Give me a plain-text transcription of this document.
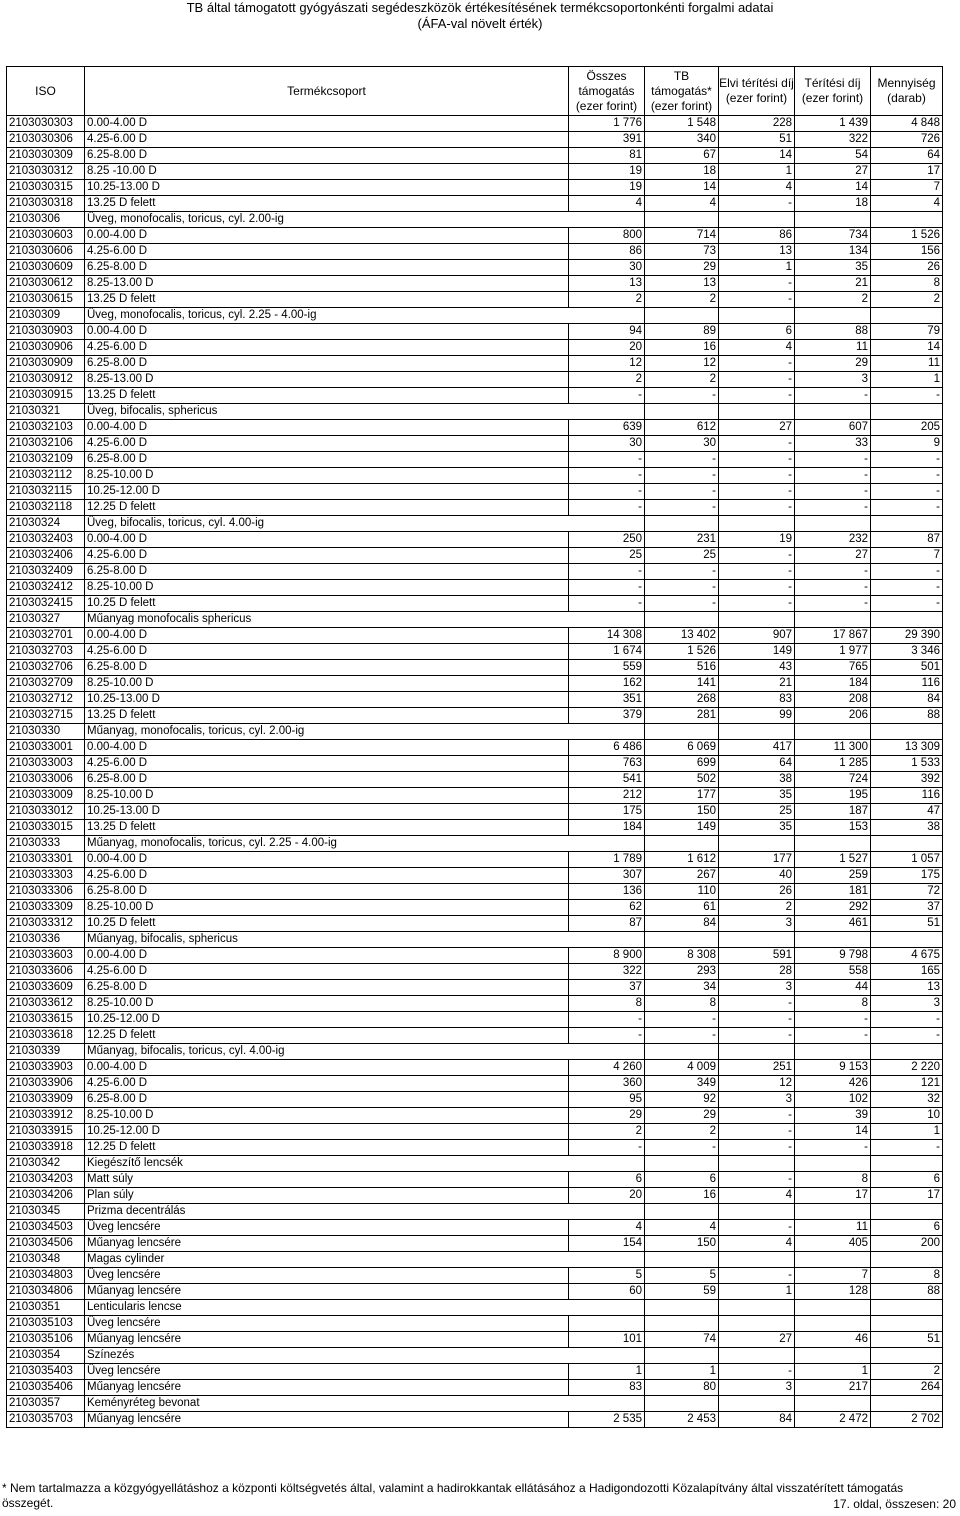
TB által támogatott gyógyászati segédeszközök értékesítésének termékcsoportonkénti forgalmi adatai
(ÁFA-val növelt érték)
ISO	Termékcsoport	Összes támogatás (ezer forint)	TB támogatás* (ezer forint)	Elvi térítési díj (ezer forint)	Térítési díj (ezer forint)	Mennyiség (darab)
2103030303	0.00-4.00 D	1 776	1 548	228	1 439	4 848
2103030306	4.25-6.00 D	391	340	51	322	726
2103030309	6.25-8.00 D	81	67	14	54	64
2103030312	8.25 -10.00 D	19	18	1	27	17
2103030315	10.25-13.00 D	19	14	4	14	7
2103030318	13.25 D felett	4	4	-	18	4
21030306	Üveg, monofocalis, toricus, cyl. 2.00-ig					
2103030603	0.00-4.00 D	800	714	86	734	1 526
2103030606	4.25-6.00 D	86	73	13	134	156
2103030609	6.25-8.00 D	30	29	1	35	26
2103030612	8.25-13.00 D	13	13	-	21	8
2103030615	13.25 D felett	2	2	-	2	2
21030309	Üveg, monofocalis, toricus, cyl. 2.25 - 4.00-ig					
2103030903	0.00-4.00 D	94	89	6	88	79
2103030906	4.25-6.00 D	20	16	4	11	14
2103030909	6.25-8.00 D	12	12	-	29	11
2103030912	8.25-13.00 D	2	2	-	3	1
2103030915	13.25 D felett	-	-	-	-	-
21030321	Üveg, bifocalis, sphericus					
2103032103	0.00-4.00 D	639	612	27	607	205
2103032106	4.25-6.00 D	30	30	-	33	9
2103032109	6.25-8.00 D	-	-	-	-	-
2103032112	8.25-10.00 D	-	-	-	-	-
2103032115	10.25-12.00 D	-	-	-	-	-
2103032118	12.25 D felett	-	-	-	-	-
21030324	Üveg, bifocalis, toricus, cyl. 4.00-ig					
2103032403	0.00-4.00 D	250	231	19	232	87
2103032406	4.25-6.00 D	25	25	-	27	7
2103032409	6.25-8.00 D	-	-	-	-	-
2103032412	8.25-10.00 D	-	-	-	-	-
2103032415	10.25 D felett	-	-	-	-	-
21030327	Műanyag monofocalis sphericus					
2103032701	0.00-4.00 D	14 308	13 402	907	17 867	29 390
2103032703	4.25-6.00 D	1 674	1 526	149	1 977	3 346
2103032706	6.25-8.00 D	559	516	43	765	501
2103032709	8.25-10.00 D	162	141	21	184	116
2103032712	10.25-13.00 D	351	268	83	208	84
2103032715	13.25 D felett	379	281	99	206	88
21030330	Műanyag, monofocalis, toricus, cyl. 2.00-ig					
2103033001	0.00-4.00 D	6 486	6 069	417	11 300	13 309
2103033003	4.25-6.00 D	763	699	64	1 285	1 533
2103033006	6.25-8.00 D	541	502	38	724	392
2103033009	8.25-10.00 D	212	177	35	195	116
2103033012	10.25-13.00 D	175	150	25	187	47
2103033015	13.25 D felett	184	149	35	153	38
21030333	Műanyag, monofocalis, toricus, cyl. 2.25 - 4.00-ig					
2103033301	0.00-4.00 D	1 789	1 612	177	1 527	1 057
2103033303	4.25-6.00 D	307	267	40	259	175
2103033306	6.25-8.00 D	136	110	26	181	72
2103033309	8.25-10.00 D	62	61	2	292	37
2103033312	10.25 D felett	87	84	3	461	51
21030336	Műanyag, bifocalis, sphericus					
2103033603	0.00-4.00 D	8 900	8 308	591	9 798	4 675
2103033606	4.25-6.00 D	322	293	28	558	165
2103033609	6.25-8.00 D	37	34	3	44	13
2103033612	8.25-10.00 D	8	8	-	8	3
2103033615	10.25-12.00 D	-	-	-	-	-
2103033618	12.25 D felett	-	-	-	-	-
21030339	Műanyag, bifocalis, toricus, cyl. 4.00-ig					
2103033903	0.00-4.00 D	4 260	4 009	251	9 153	2 220
2103033906	4.25-6.00 D	360	349	12	426	121
2103033909	6.25-8.00 D	95	92	3	102	32
2103033912	8.25-10.00 D	29	29	-	39	10
2103033915	10.25-12.00 D	2	2	-	14	1
2103033918	12.25 D felett	-	-	-	-	-
21030342	Kiegészítő lencsék					
2103034203	Matt súly	6	6	-	8	6
2103034206	Plan súly	20	16	4	17	17
21030345	Prizma decentrálás					
2103034503	Üveg lencsére	4	4	-	11	6
2103034506	Műanyag lencsére	154	150	4	405	200
21030348	Magas cylinder					
2103034803	Üveg lencsére	5	5	-	7	8
2103034806	Műanyag lencsére	60	59	1	128	88
21030351	Lenticularis lencse					
2103035103	Üveg lencsére					
2103035106	Műanyag lencsére	101	74	27	46	51
21030354	Színezés					
2103035403	Üveg lencsére	1	1	-	1	2
2103035406	Műanyag lencsére	83	80	3	217	264
21030357	Keményréteg bevonat					
2103035703	Műanyag lencsére	2 535	2 453	84	2 472	2 702
* Nem tartalmazza a közgyógyellátáshoz a központi költségvetés által, valamint a hadirokkantak ellátásához a Hadigondozotti Közalapítvány által visszatérített támogatás
összegét.	17. oldal, összesen: 20
